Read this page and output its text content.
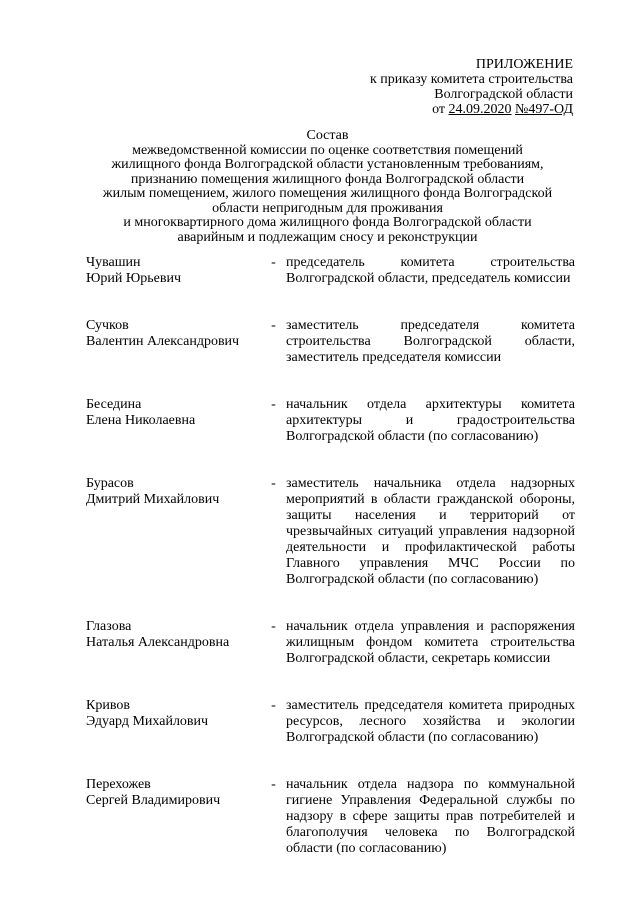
ПРИЛОЖЕНИЕ
к приказу комитета строительства
Волгоградской области
от 24.09.2020 №497-ОД
Состав
межведомственной комиссии по оценке соответствия помещений
жилищного фонда Волгоградской области установленным требованиям,
признанию помещения жилищного фонда Волгоградской области
жилым помещением, жилого помещения жилищного фонда Волгоградской
области непригодным для проживания
и многоквартирного дома жилищного фонда Волгоградской области
аварийным и подлежащим сносу и реконструкции
Чувашин
Юрий Юрьевич
- председатель комитета строительства Волгоградской области, председатель комиссии
Сучков
Валентин Александрович
- заместитель председателя комитета строительства Волгоградской области, заместитель председателя комиссии
Беседина
Елена Николаевна
- начальник отдела архитектуры комитета архитектуры и градостроительства Волгоградской области (по согласованию)
Бурасов
Дмитрий Михайлович
- заместитель начальника отдела надзорных мероприятий в области гражданской обороны, защиты населения и территорий от чрезвычайных ситуаций управления надзорной деятельности и профилактической работы Главного управления МЧС России по Волгоградской области (по согласованию)
Глазова
Наталья Александровна
- начальник отдела управления и распоряжения жилищным фондом комитета строительства Волгоградской области, секретарь комиссии
Кривов
Эдуард Михайлович
- заместитель председателя комитета природных ресурсов, лесного хозяйства и экологии Волгоградской области (по согласованию)
Перехожев
Сергей Владимирович
- начальник отдела надзора по коммунальной гигиене Управления Федеральной службы по надзору в сфере защиты прав потребителей и благополучия человека по Волгоградской области (по согласованию)
